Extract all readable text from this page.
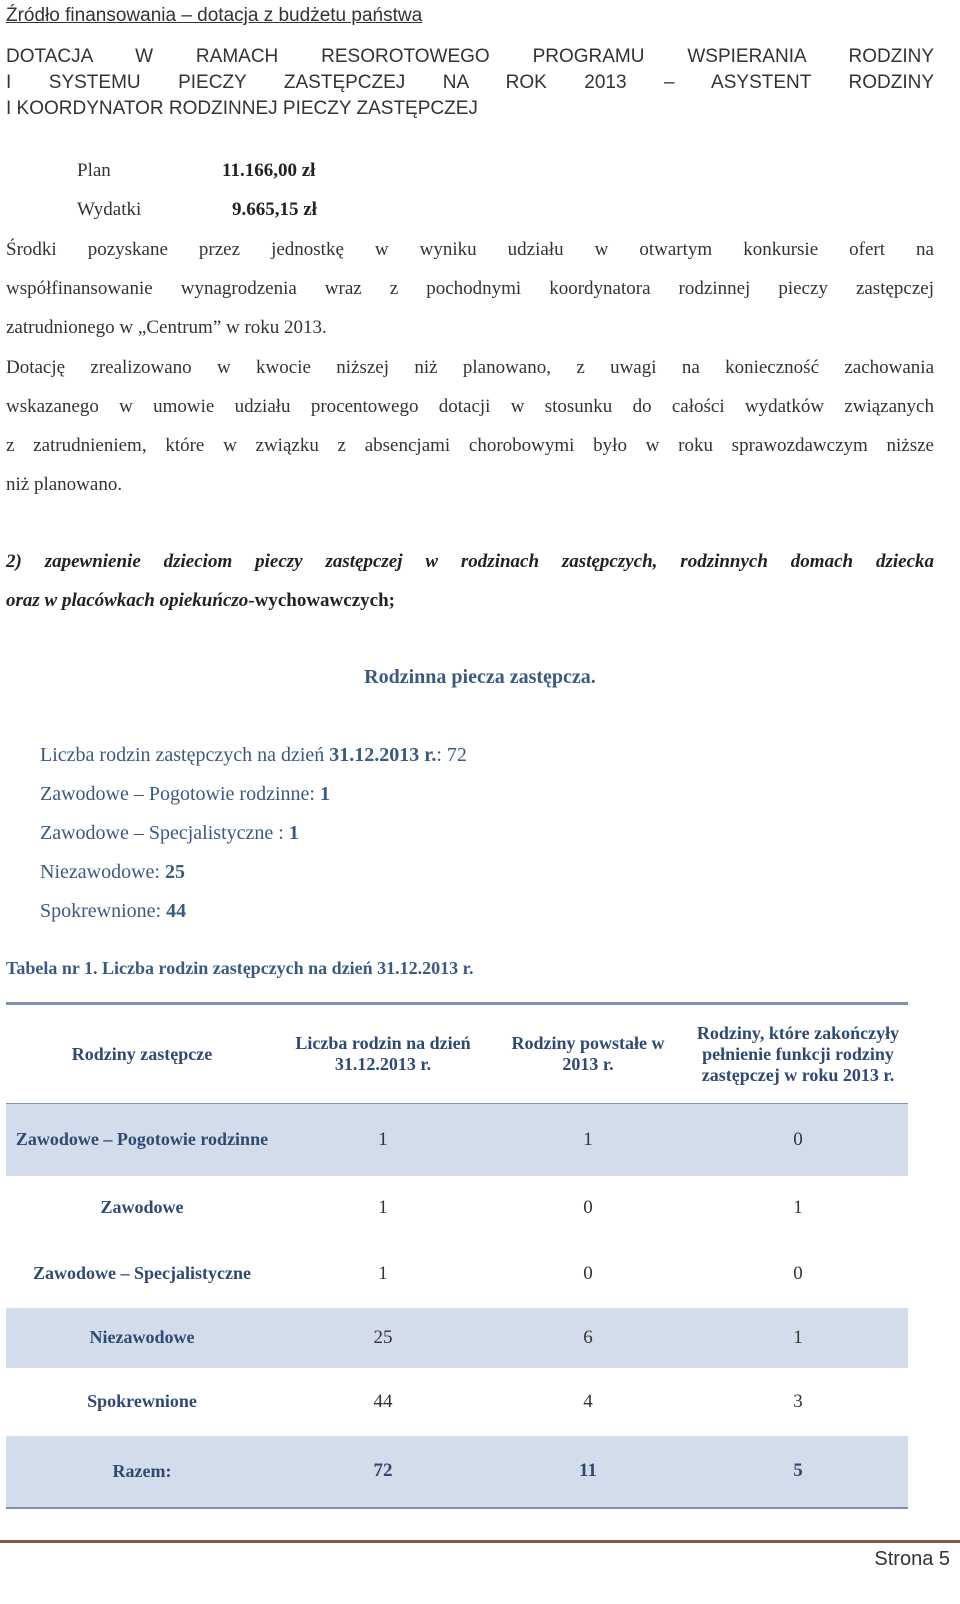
Źródło finansowania – dotacja z budżetu państwa
DOTACJA W RAMACH RESOROTOWEGO PROGRAMU WSPIERANIA RODZINY
I SYSTEMU PIECZY ZASTĘPCZEJ NA ROK 2013 – ASYSTENT RODZINY
I KOORDYNATOR RODZINNEJ PIECZY ZASTĘPCZEJ
Plan	11.166,00 zł
Wydatki	9.665,15 zł
Środki pozyskane przez jednostkę w wyniku udziału w otwartym konkursie ofert na
współfinansowanie wynagrodzenia wraz z pochodnymi koordynatora rodzinnej pieczy zastępczej
zatrudnionego w „Centrum” w roku 2013.
Dotację zrealizowano w kwocie niższej niż planowano, z uwagi na konieczność zachowania
wskazanego w umowie udziału procentowego dotacji w stosunku do całości wydatków związanych
z zatrudnieniem, które w związku z absencjami chorobowymi było w roku sprawozdawczym niższe
niż planowano.
2) zapewnienie dzieciom pieczy zastępczej w rodzinach zastępczych, rodzinnych domach dziecka
oraz w placówkach opiekuńczo-wychowawczych;
Rodzinna piecza zastępcza.
Liczba rodzin zastępczych na dzień 31.12.2013 r.: 72
Zawodowe – Pogotowie rodzinne: 1
Zawodowe – Specjalistyczne : 1
Niezawodowe: 25
Spokrewnione: 44
Tabela nr 1. Liczba rodzin zastępczych na dzień 31.12.2013 r.
Rodziny zastępcze	Liczba rodzin na dzień 31.12.2013 r.	Rodziny powstałe w 2013 r.	Rodziny, które zakończyły pełnienie funkcji rodziny zastępczej w roku 2013 r.
Zawodowe – Pogotowie rodzinne	1	1	0
Zawodowe	1	0	1
Zawodowe – Specjalistyczne	1	0	0
Niezawodowe	25	6	1
Spokrewnione	44	4	3
Razem:	72	11	5
Strona 5
